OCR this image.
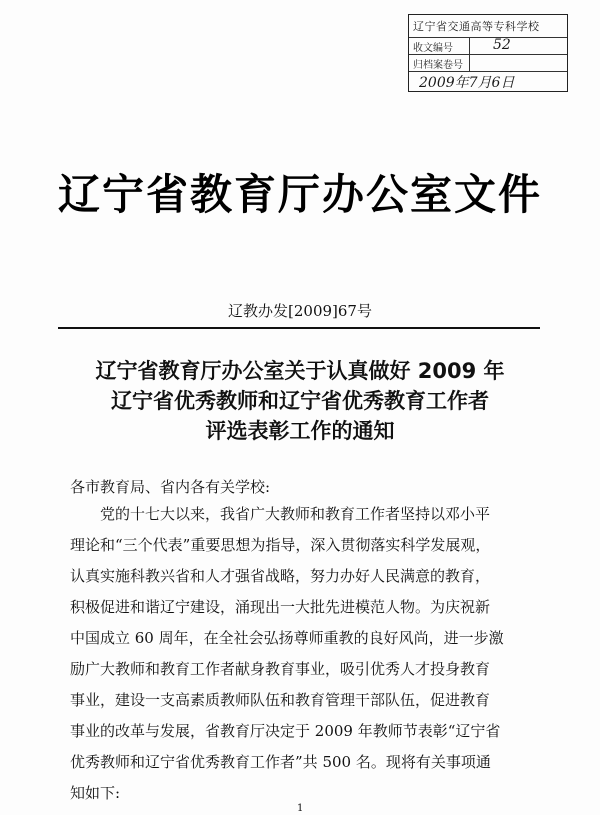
辽宁省交通高等专科学校
收文编号	52
归档案卷号
2009年7月6日
辽宁省教育厅办公室文件
辽教办发[2009]67号
辽宁省教育厅办公室关于认真做好 2009 年
辽宁省优秀教师和辽宁省优秀教育工作者
评选表彰工作的通知
各市教育局、省内各有关学校:
党的十七大以来，我省广大教师和教育工作者坚持以邓小平
理论和“三个代表”重要思想为指导，深入贯彻落实科学发展观，
认真实施科教兴省和人才强省战略，努力办好人民满意的教育，
积极促进和谐辽宁建设，涌现出一大批先进模范人物。为庆祝新
中国成立 60 周年，在全社会弘扬尊师重教的良好风尚，进一步激
励广大教师和教育工作者献身教育事业，吸引优秀人才投身教育
事业，建设一支高素质教师队伍和教育管理干部队伍，促进教育
事业的改革与发展，省教育厅决定于 2009 年教师节表彰“辽宁省
优秀教师和辽宁省优秀教育工作者”共 500 名。现将有关事项通
知如下:
1
